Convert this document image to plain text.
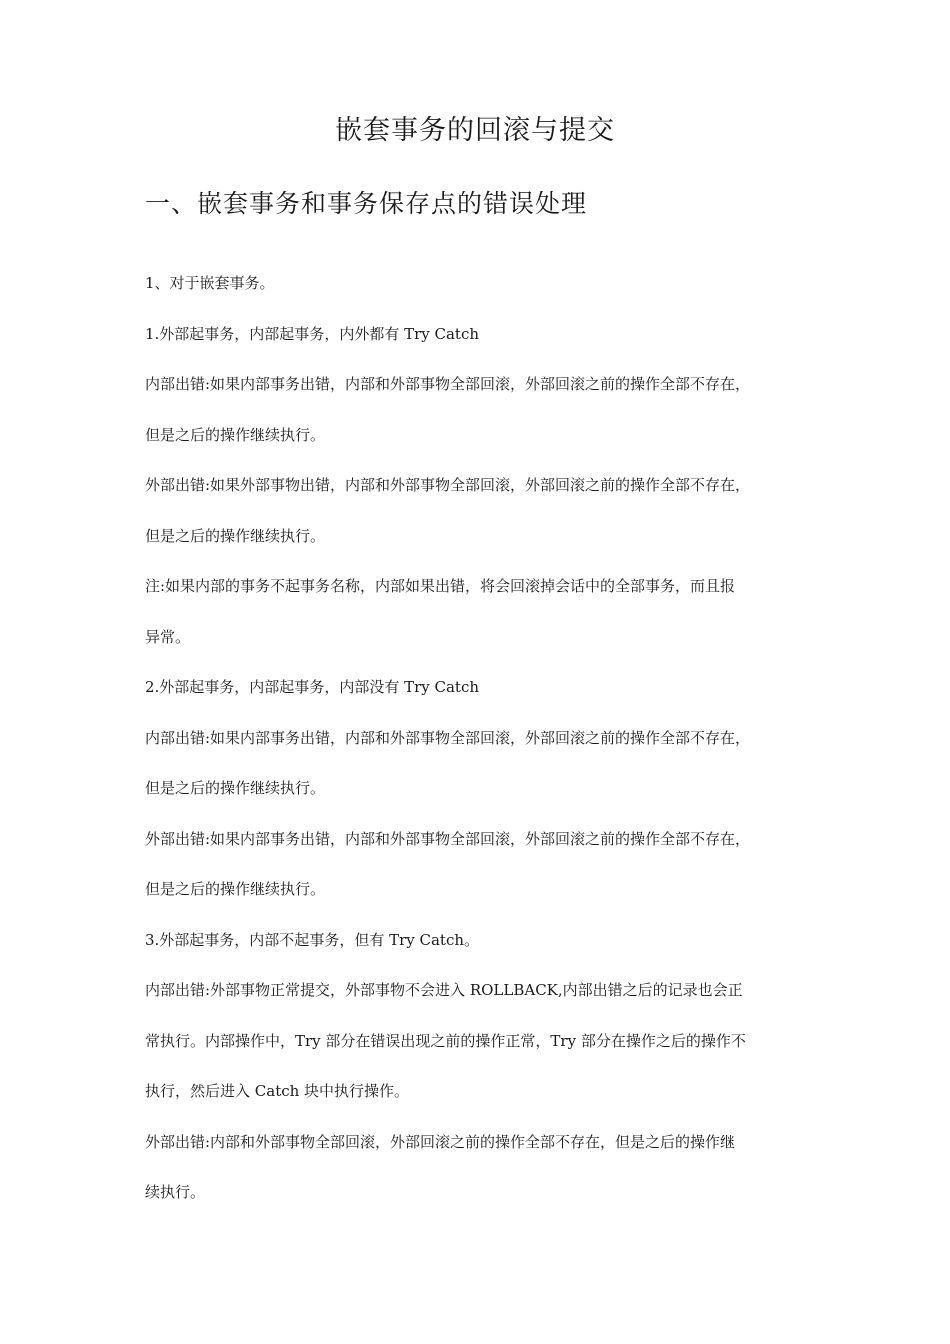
嵌套事务的回滚与提交
一、嵌套事务和事务保存点的错误处理
1、对于嵌套事务。
1.外部起事务，内部起事务，内外都有 Try Catch
内部出错:如果内部事务出错，内部和外部事物全部回滚，外部回滚之前的操作全部不存在，
但是之后的操作继续执行。
外部出错:如果外部事物出错，内部和外部事物全部回滚，外部回滚之前的操作全部不存在，
但是之后的操作继续执行。
注:如果内部的事务不起事务名称，内部如果出错，将会回滚掉会话中的全部事务，而且报
异常。
2.外部起事务，内部起事务，内部没有 Try Catch
内部出错:如果内部事务出错，内部和外部事物全部回滚，外部回滚之前的操作全部不存在，
但是之后的操作继续执行。
外部出错:如果内部事务出错，内部和外部事物全部回滚，外部回滚之前的操作全部不存在，
但是之后的操作继续执行。
3.外部起事务，内部不起事务，但有 Try Catch。
内部出错:外部事物正常提交，外部事物不会进入 ROLLBACK,内部出错之后的记录也会正
常执行。内部操作中，Try 部分在错误出现之前的操作正常，Try 部分在操作之后的操作不
执行，然后进入 Catch 块中执行操作。
外部出错:内部和外部事物全部回滚，外部回滚之前的操作全部不存在，但是之后的操作继
续执行。
